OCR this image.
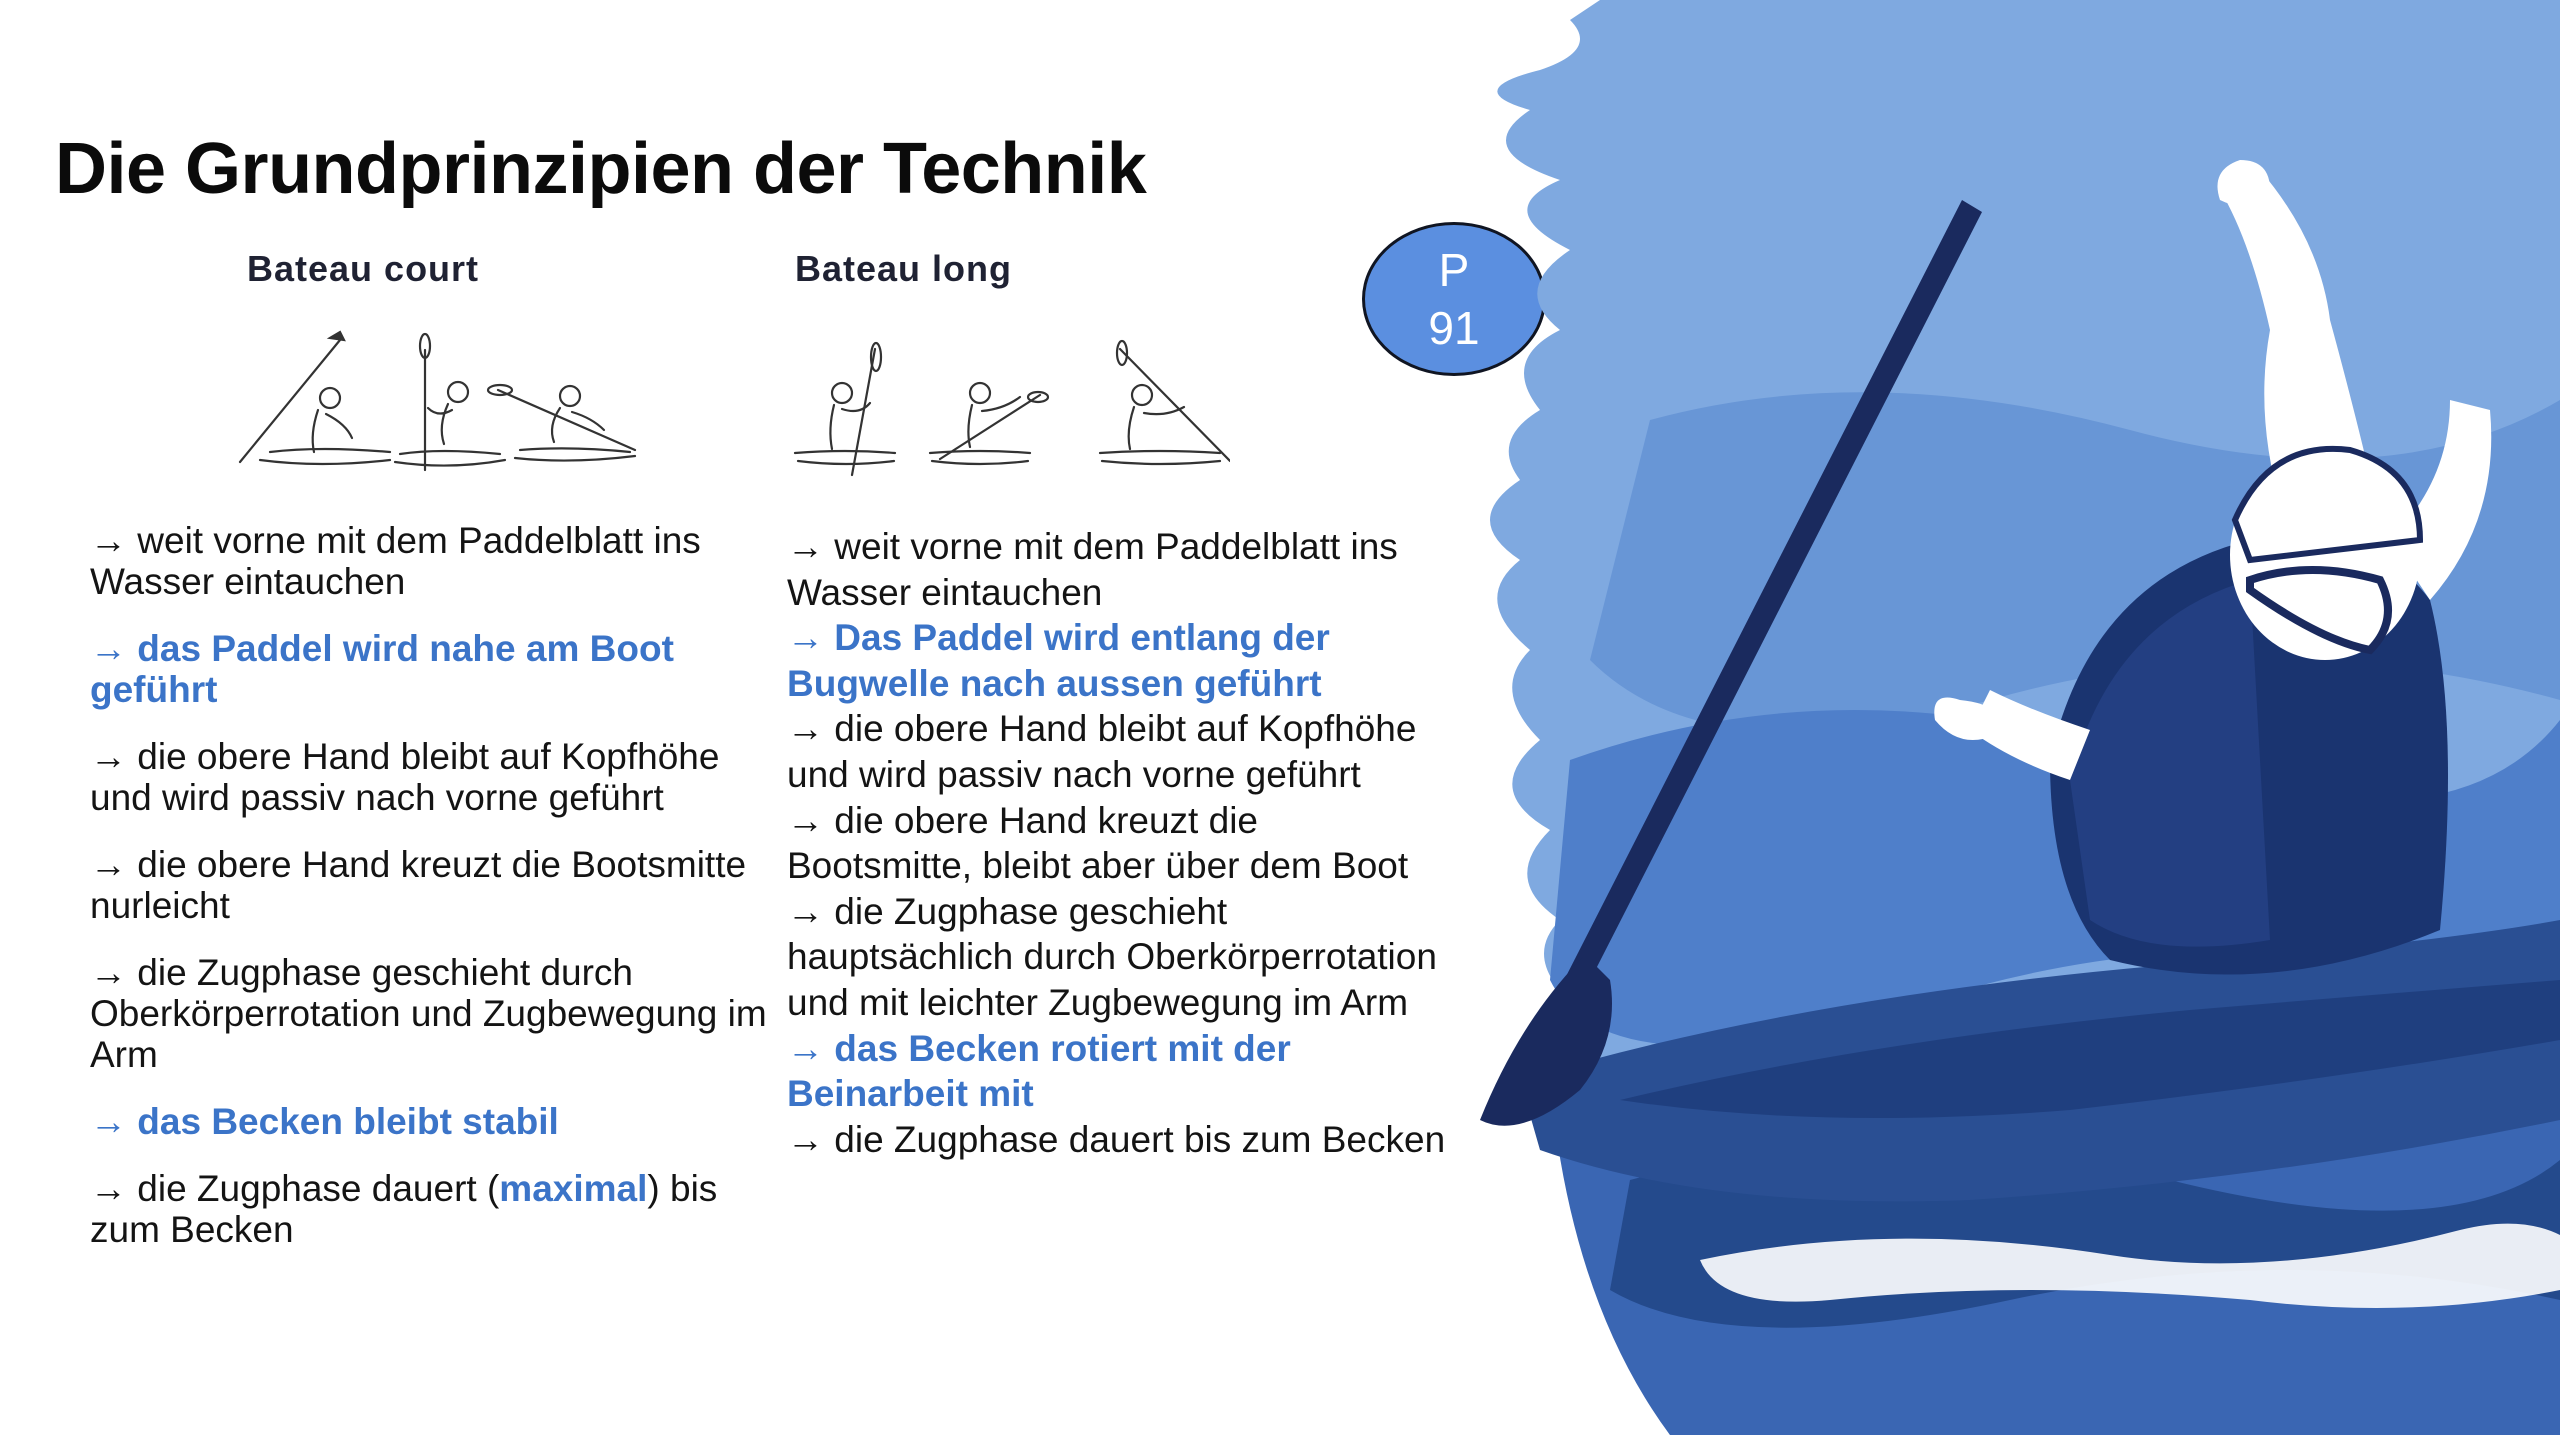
Die Grundprinzipien der Technik
Bateau court	Bateau long	P
91
→ weit vorne mit dem Paddelblatt ins Wasser eintauchen
→ das Paddel wird nahe am Boot geführt
→ die obere Hand bleibt auf Kopfhöhe und wird passiv nach vorne geführt
→ die obere Hand kreuzt die Bootsmitte nurleicht
→ die Zugphase geschieht durch Oberkörperrotation und Zugbewegung im Arm
→ das Becken bleibt stabil
→ die Zugphase dauert (maximal) bis zum Becken
→ weit vorne mit dem Paddelblatt ins Wasser eintauchen
→ Das Paddel wird entlang der Bugwelle nach aussen geführt
→ die obere Hand bleibt auf Kopfhöhe und wird passiv nach vorne geführt
→ die obere Hand kreuzt die Bootsmitte, bleibt aber über dem Boot
→ die Zugphase geschieht hauptsächlich durch Oberkörperrotation und mit leichter Zugbewegung im Arm
→ das Becken rotiert mit der Beinarbeit mit
→ die Zugphase dauert bis zum Becken
